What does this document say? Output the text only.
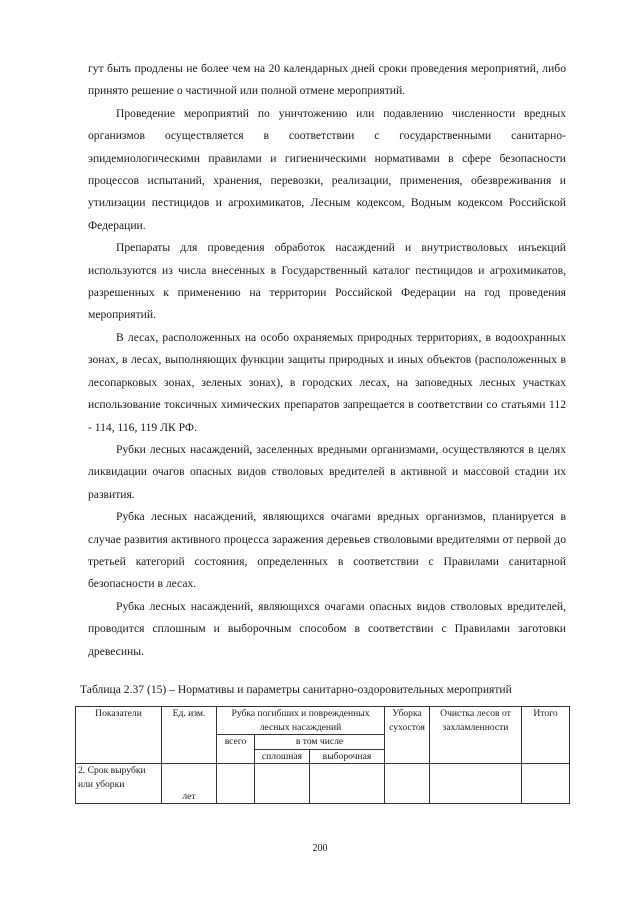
гут быть продлены не более чем на 20 календарных дней сроки проведения мероприятий, либо принято решение о частичной или полной отмене мероприятий.

Проведение мероприятий по уничтожению или подавлению численности вредных организмов осуществляется в соответствии с государственными санитарно-эпидемиологическими правилами и гигиеническими нормативами в сфере безопасности процессов испытаний, хранения, перевозки, реализации, применения, обезвреживания и утилизации пестицидов и агрохимикатов, Лесным кодексом, Водным кодексом Российской Федерации.

Препараты для проведения обработок насаждений и внутристволовых инъекций используются из числа внесенных в Государственный каталог пестицидов и агрохимикатов, разрешенных к применению на территории Российской Федерации на год проведения мероприятий.

В лесах, расположенных на особо охраняемых природных территориях, в водоохранных зонах, в лесах, выполняющих функции защиты природных и иных объектов (расположенных в лесопарковых зонах, зеленых зонах), в городских лесах, на заповедных лесных участках использование токсичных химических препаратов запрещается в соответствии со статьями 112 - 114, 116, 119 ЛК РФ.

Рубки лесных насаждений, заселенных вредными организмами, осуществляются в целях ликвидации очагов опасных видов стволовых вредителей в активной и массовой стадии их развития.

Рубка лесных насаждений, являющихся очагами вредных организмов, планируется в случае развития активного процесса заражения деревьев стволовыми вредителями от первой до третьей категорий состояния, определенных в соответствии с Правилами санитарной безопасности в лесах.

Рубка лесных насаждений, являющихся очагами опасных видов стволовых вредителей, проводится сплошным и выборочным способом в соответствии с Правилами заготовки древесины.

Таблица 2.37 (15) – Нормативы и параметры санитарно-оздоровительных мероприятий
Показатели	Ед. изм.	Рубка погибших и поврежденных лесных насаждений			Уборка сухостоя	Очистка лесов от захламленности	Итого
		всего	в том числе				
			сплошная	выборочная			
2. Срок вырубки или уборки	лет						
200
